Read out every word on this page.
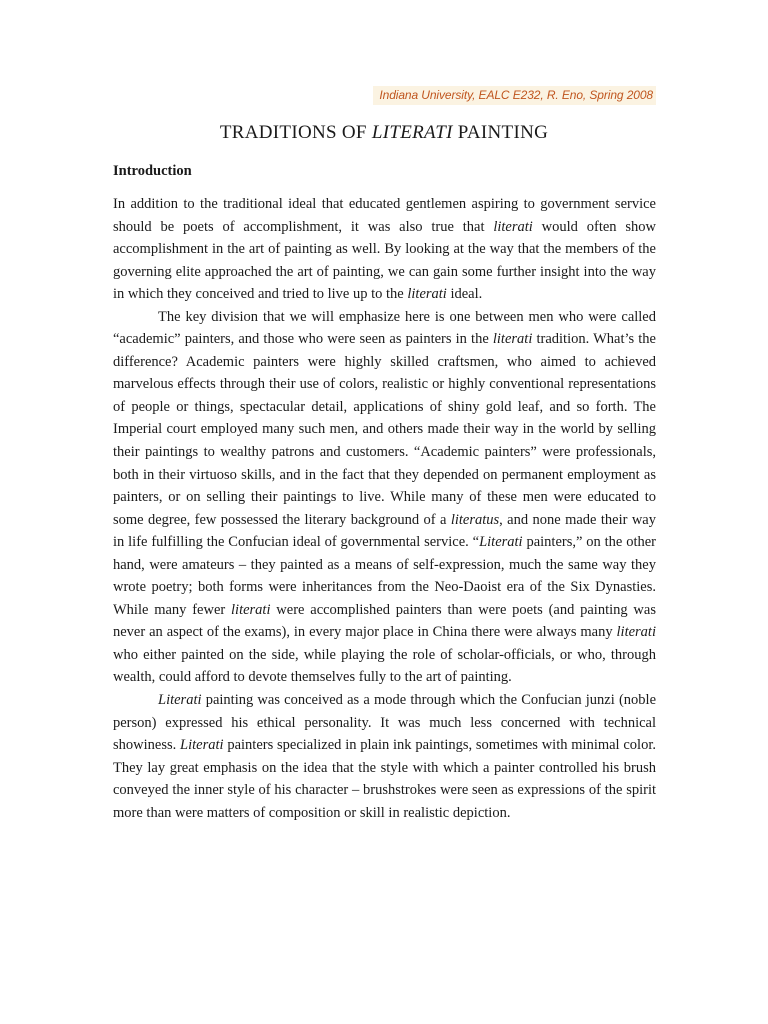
Indiana University, EALC E232, R. Eno, Spring 2008
TRADITIONS OF LITERATI PAINTING
Introduction

In addition to the traditional ideal that educated gentlemen aspiring to government service should be poets of accomplishment, it was also true that literati would often show accomplishment in the art of painting as well. By looking at the way that the members of the governing elite approached the art of painting, we can gain some further insight into the way in which they conceived and tried to live up to the literati ideal.

The key division that we will emphasize here is one between men who were called “academic” painters, and those who were seen as painters in the literati tradition. What’s the difference? Academic painters were highly skilled craftsmen, who aimed to achieved marvelous effects through their use of colors, realistic or highly conventional representations of people or things, spectacular detail, applications of shiny gold leaf, and so forth. The Imperial court employed many such men, and others made their way in the world by selling their paintings to wealthy patrons and customers. “Academic painters” were professionals, both in their virtuoso skills, and in the fact that they depended on permanent employment as painters, or on selling their paintings to live. While many of these men were educated to some degree, few possessed the literary background of a literatus, and none made their way in life fulfilling the Confucian ideal of governmental service. “Literati painters,” on the other hand, were amateurs – they painted as a means of self-expression, much the same way they wrote poetry; both forms were inheritances from the Neo-Daoist era of the Six Dynasties. While many fewer literati were accomplished painters than were poets (and painting was never an aspect of the exams), in every major place in China there were always many literati who either painted on the side, while playing the role of scholar-officials, or who, through wealth, could afford to devote themselves fully to the art of painting.

Literati painting was conceived as a mode through which the Confucian junzi (noble person) expressed his ethical personality. It was much less concerned with technical showiness. Literati painters specialized in plain ink paintings, sometimes with minimal color. They lay great emphasis on the idea that the style with which a painter controlled his brush conveyed the inner style of his character – brushstrokes were seen as expressions of the spirit more than were matters of composition or skill in realistic depiction.
